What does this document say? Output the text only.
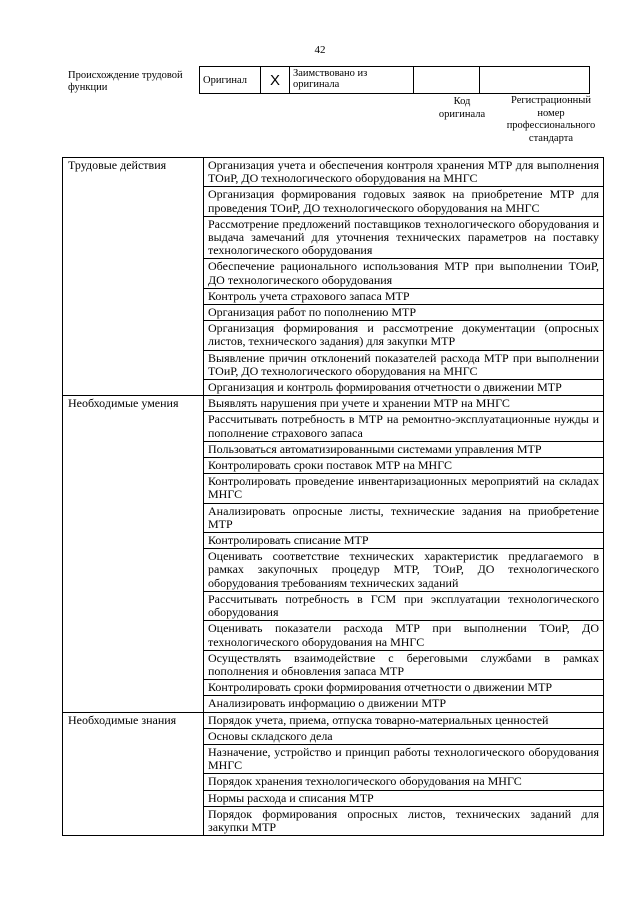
42
Происхождение трудовой функции
Оригинал	X	Заимствовано из оригинала		
Код оригинала
Регистрационный номер профессионального стандарта
Трудовые действия	Организация учета и обеспечения контроля хранения МТР для выполнения ТОиР, ДО технологического оборудования на МНГС
	Организация формирования годовых заявок на приобретение МТР для проведения ТОиР, ДО технологического оборудования на МНГС
	Рассмотрение предложений поставщиков технологического оборудования и выдача замечаний для уточнения технических параметров на поставку технологического оборудования
	Обеспечение рационального использования МТР при выполнении ТОиР, ДО технологического оборудования
	Контроль учета страхового запаса МТР
	Организация работ по пополнению МТР
	Организация формирования и рассмотрение документации (опросных листов, технического задания) для закупки МТР
	Выявление причин отклонений показателей расхода МТР при выполнении ТОиР, ДО технологического оборудования на МНГС
	Организация и контроль формирования отчетности о движении МТР
Необходимые умения	Выявлять нарушения при учете и хранении МТР на МНГС
	Рассчитывать потребность в МТР на ремонтно-эксплуатационные нужды и пополнение страхового запаса
	Пользоваться автоматизированными системами управления МТР
	Контролировать сроки поставок МТР на МНГС
	Контролировать проведение инвентаризационных мероприятий на складах МНГС
	Анализировать опросные листы, технические задания на приобретение МТР
	Контролировать списание МТР
	Оценивать соответствие технических характеристик предлагаемого в рамках закупочных процедур МТР, ТОиР, ДО технологического оборудования требованиям технических заданий
	Рассчитывать потребность в ГСМ при эксплуатации технологического оборудования
	Оценивать показатели расхода МТР при выполнении ТОиР, ДО технологического оборудования на МНГС
	Осуществлять взаимодействие с береговыми службами в рамках пополнения и обновления запаса МТР
	Контролировать сроки формирования отчетности о движении МТР
	Анализировать информацию о движении МТР
Необходимые знания	Порядок учета, приема, отпуска товарно-материальных ценностей
	Основы складского дела
	Назначение, устройство и принцип работы технологического оборудования МНГС
	Порядок хранения технологического оборудования на МНГС
	Нормы расхода и списания МТР
	Порядок формирования опросных листов, технических заданий для закупки МТР
